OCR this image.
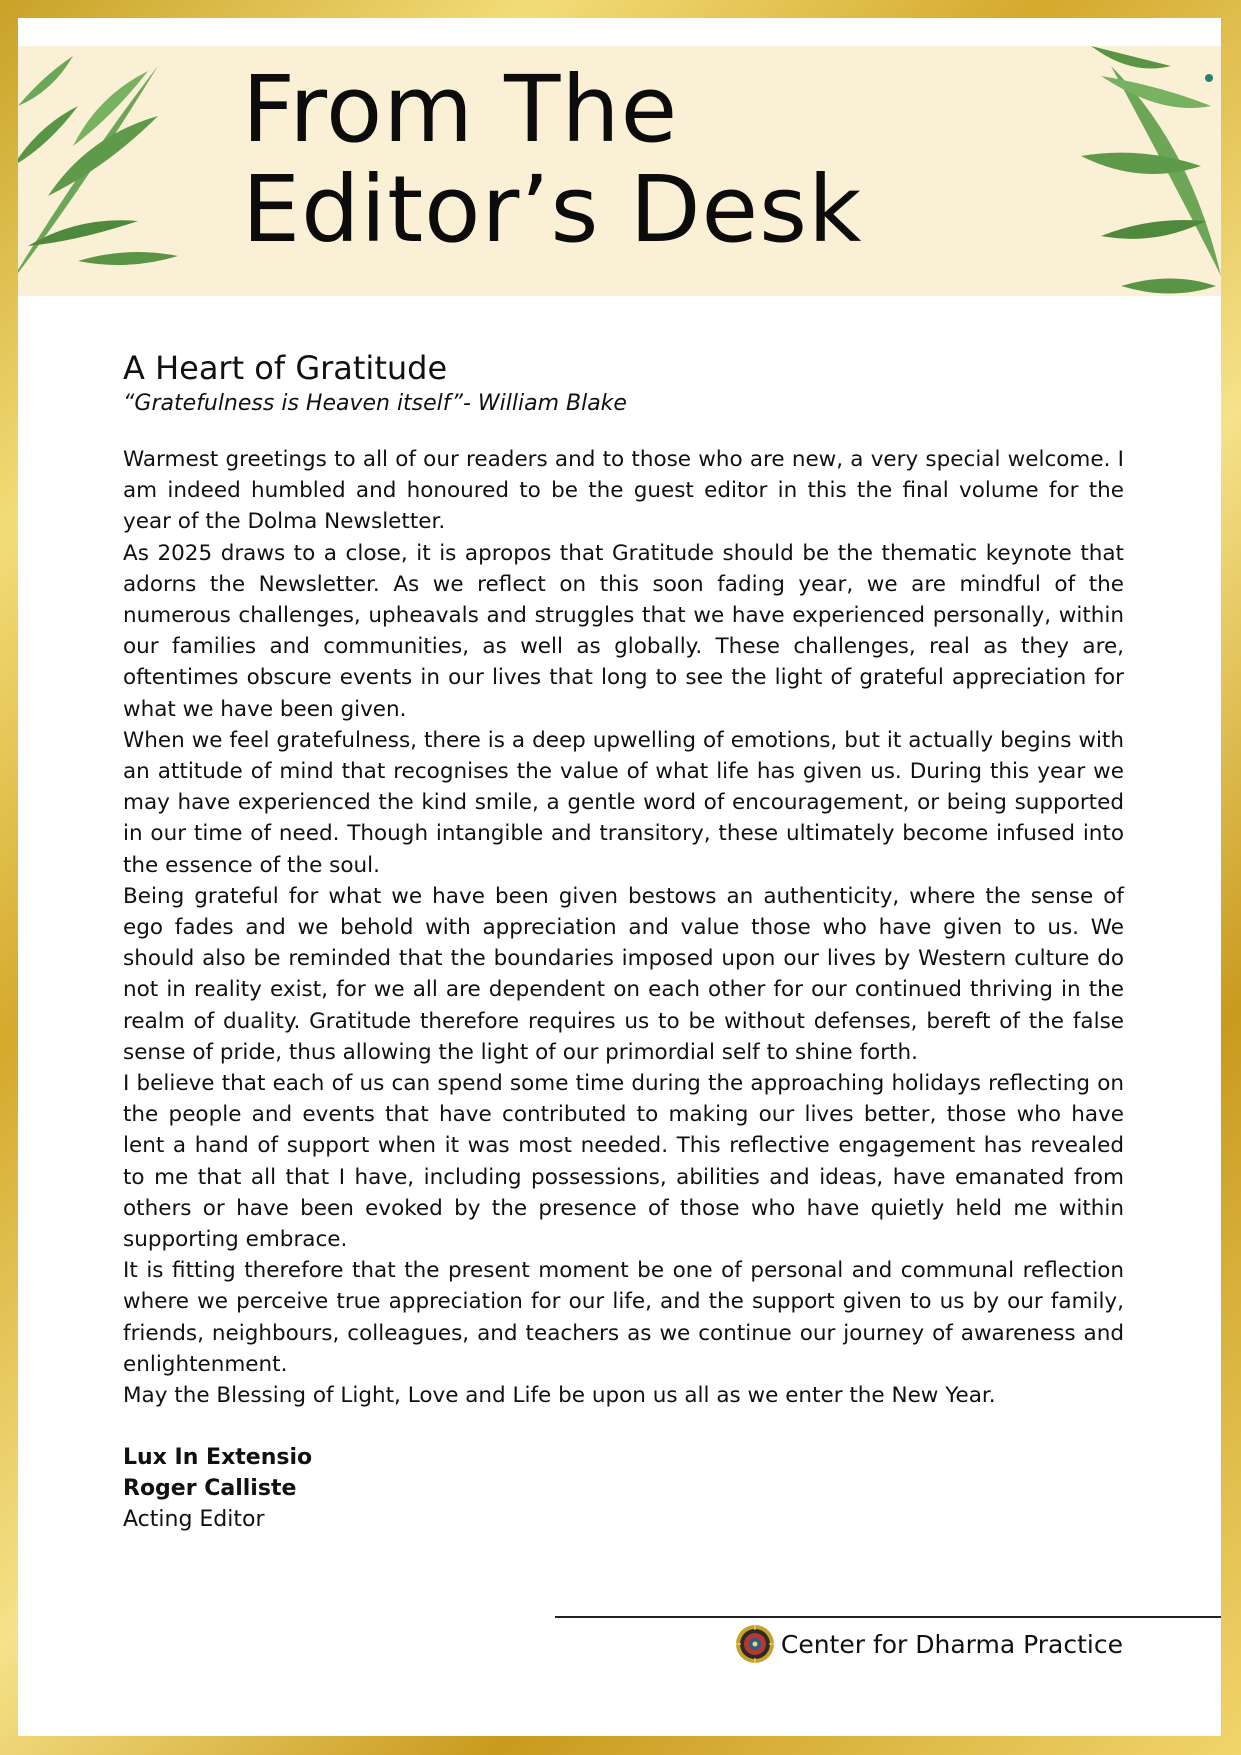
From The
Editor’s Desk
A Heart of Gratitude

“Gratefulness is Heaven itself”- William Blake

Warmest greetings to all of our readers and to those who are new, a very special welcome. I am indeed humbled and honoured to be the guest editor in this the final volume for the year of the Dolma Newsletter.

As 2025 draws to a close, it is apropos that Gratitude should be the thematic keynote that adorns the Newsletter. As we reflect on this soon fading year, we are mindful of the numerous challenges, upheavals and struggles that we have experienced personally, within our families and communities, as well as globally. These challenges, real as they are, oftentimes obscure events in our lives that long to see the light of grateful appreciation for what we have been given.

When we feel gratefulness, there is a deep upwelling of emotions, but it actually begins with an attitude of mind that recognises the value of what life has given us. During this year we may have experienced the kind smile, a gentle word of encouragement, or being supported in our time of need. Though intangible and transitory, these ultimately become infused into the essence of the soul.

Being grateful for what we have been given bestows an authenticity, where the sense of ego fades and we behold with appreciation and value those who have given to us. We should also be reminded that the boundaries imposed upon our lives by Western culture do not in reality exist, for we all are dependent on each other for our continued thriving in the realm of duality. Gratitude therefore requires us to be without defenses, bereft of the false sense of pride, thus allowing the light of our primordial self to shine forth.

I believe that each of us can spend some time during the approaching holidays reflecting on the people and events that have contributed to making our lives better, those who have lent a hand of support when it was most needed. This reflective engagement has revealed to me that all that I have, including possessions, abilities and ideas, have emanated from others or have been evoked by the presence of those who have quietly held me within supporting embrace.

It is fitting therefore that the present moment be one of personal and communal reflection where we perceive true appreciation for our life, and the support given to us by our family, friends, neighbours, colleagues, and teachers as we continue our journey of awareness and enlightenment.

May the Blessing of Light, Love and Life be upon us all as we enter the New Year.

Lux In Extensio
Roger Calliste
Acting Editor
Center for Dharma Practice
